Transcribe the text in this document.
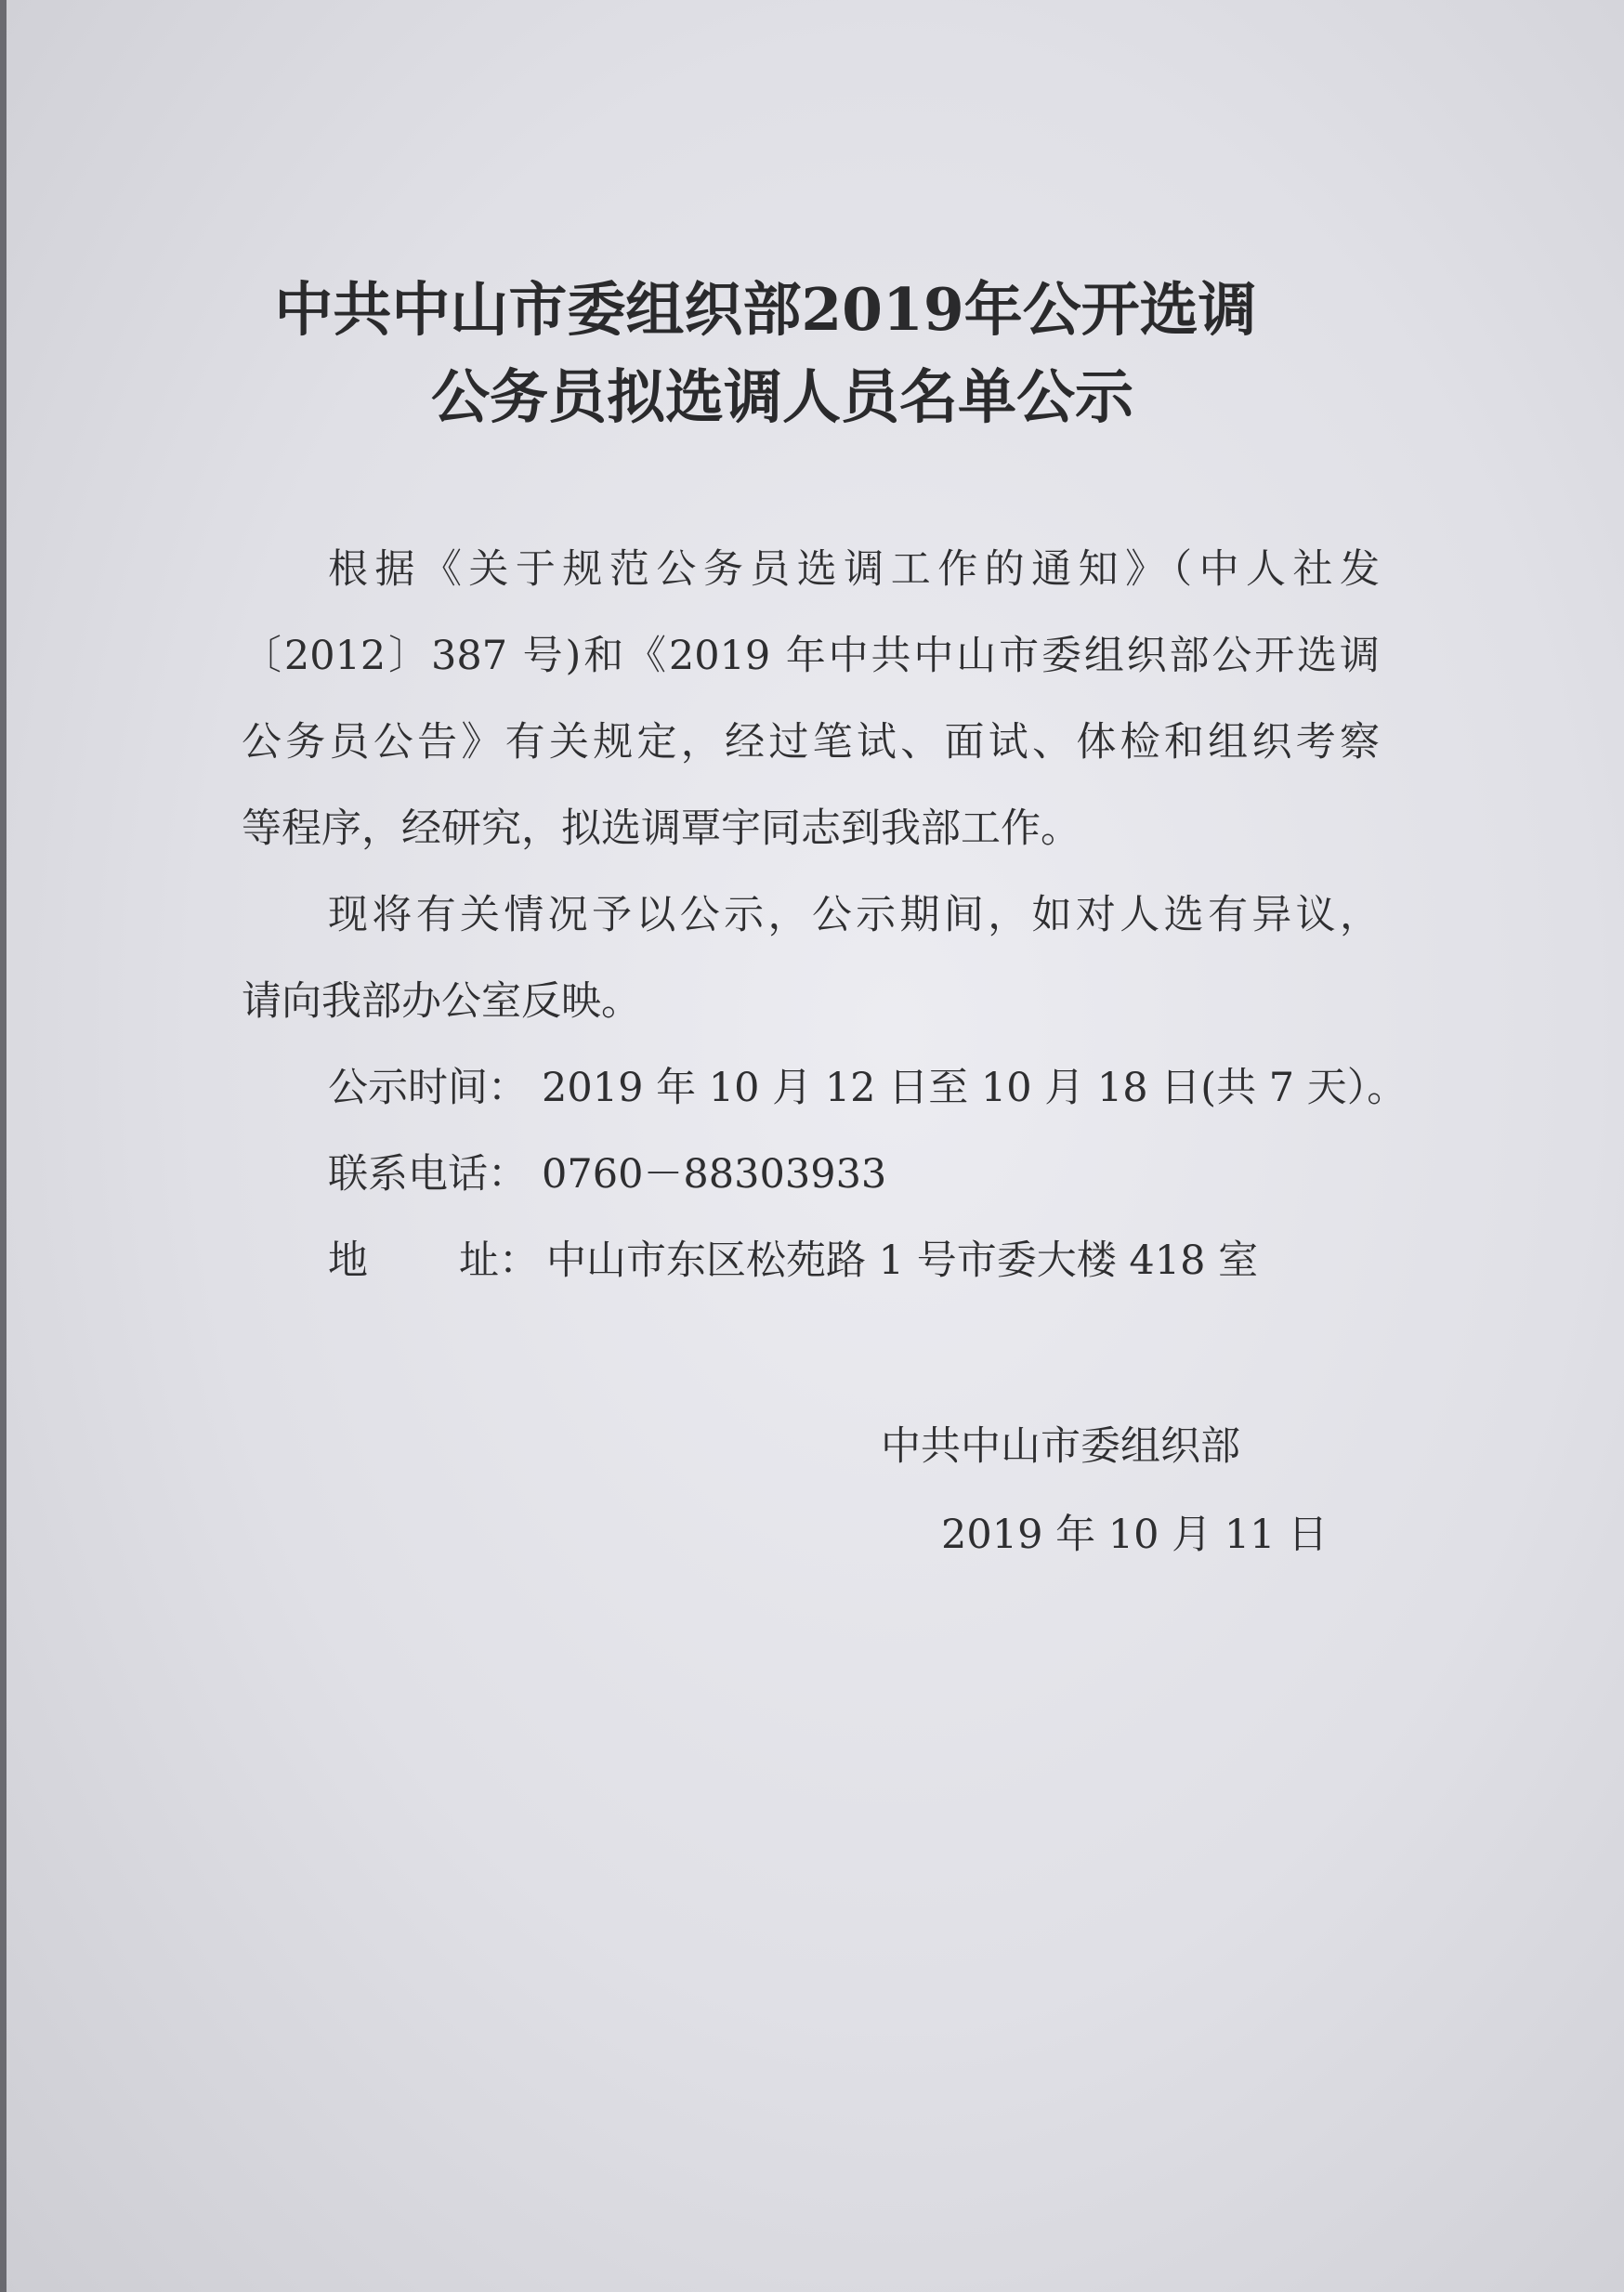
中共中山市委组织部2019年公开选调
公务员拟选调人员名单公示

根据《关于规范公务员选调工作的通知》（中人社发

〔2012〕387 号)和《2019 年中共中山市委组织部公开选调

公务员公告》有关规定，经过笔试、面试、体检和组织考察

等程序，经研究，拟选调覃宇同志到我部工作。

现将有关情况予以公示，公示期间，如对人选有异议，

请向我部办公室反映。

公示时间： 2019 年 10 月 12 日至 10 月 18 日(共 7 天）。
联系电话： 0760－88303933
地 址： 中山市东区松苑路 1 号市委大楼 418 室
中共中山市委组织部
2019 年 10 月 11 日
